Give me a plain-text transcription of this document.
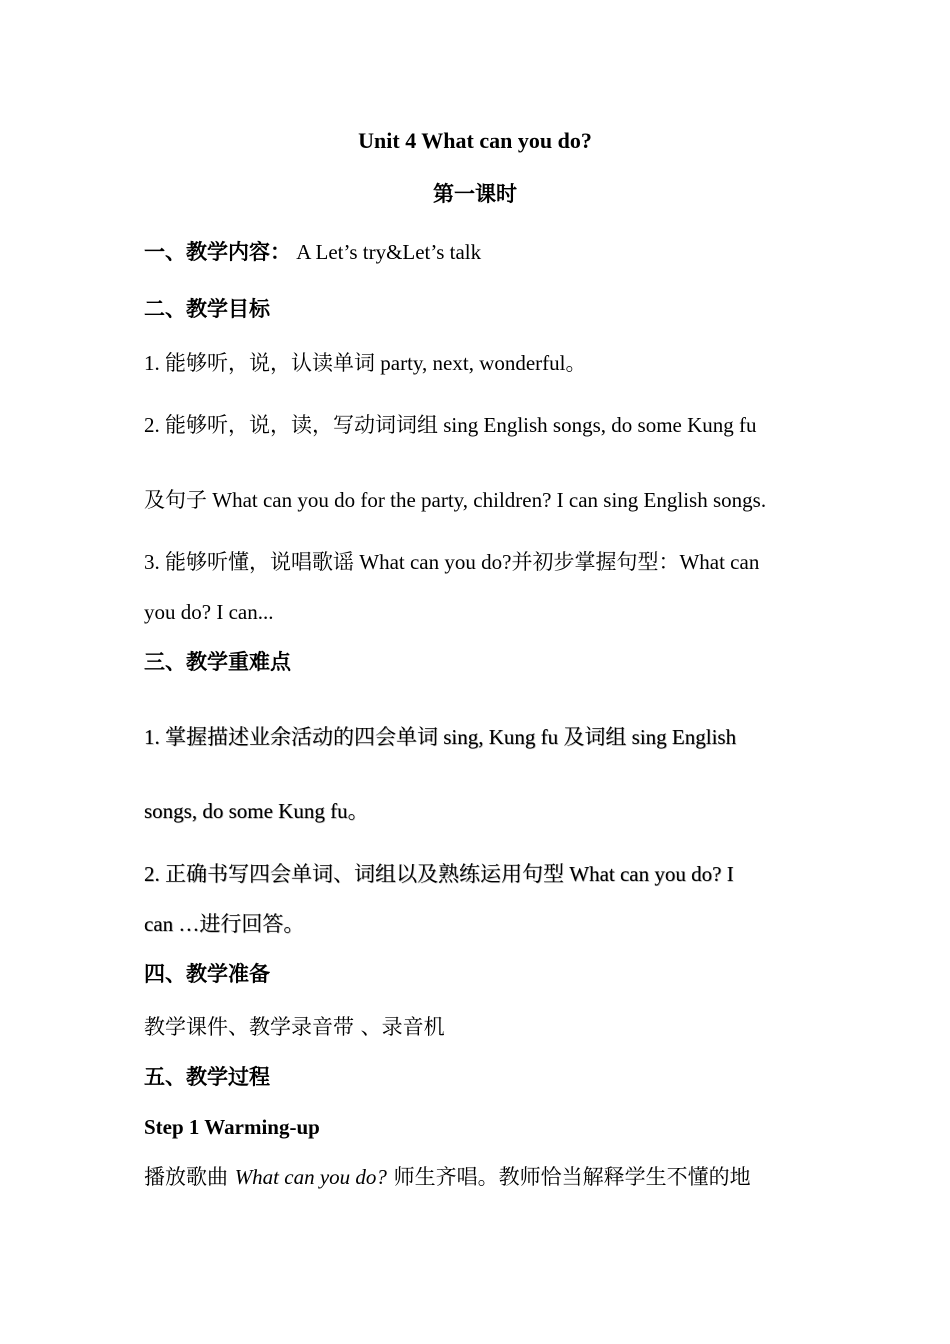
Unit 4 What can you do?
第一课时
一、教学内容： A Let’s try&Let’s talk
二、教学目标
1. 能够听，说，认读单词 party, next, wonderful。
2. 能够听，说，读，写动词词组 sing English songs, do some Kung fu
及句子 What can you do for the party, children? I can sing English songs.
3. 能够听懂，说唱歌谣 What can you do?并初步掌握句型：What can
you do? I can...
三、教学重难点
1. 掌握描述业余活动的四会单词 sing, Kung fu 及词组 sing English
songs, do some Kung fu。
2. 正确书写四会单词、词组以及熟练运用句型 What can you do? I
can …进行回答。
四、教学准备
教学课件、教学录音带 、录音机
五、教学过程
Step 1 Warming-up
播放歌曲 What can you do? 师生齐唱。教师恰当解释学生不懂的地
